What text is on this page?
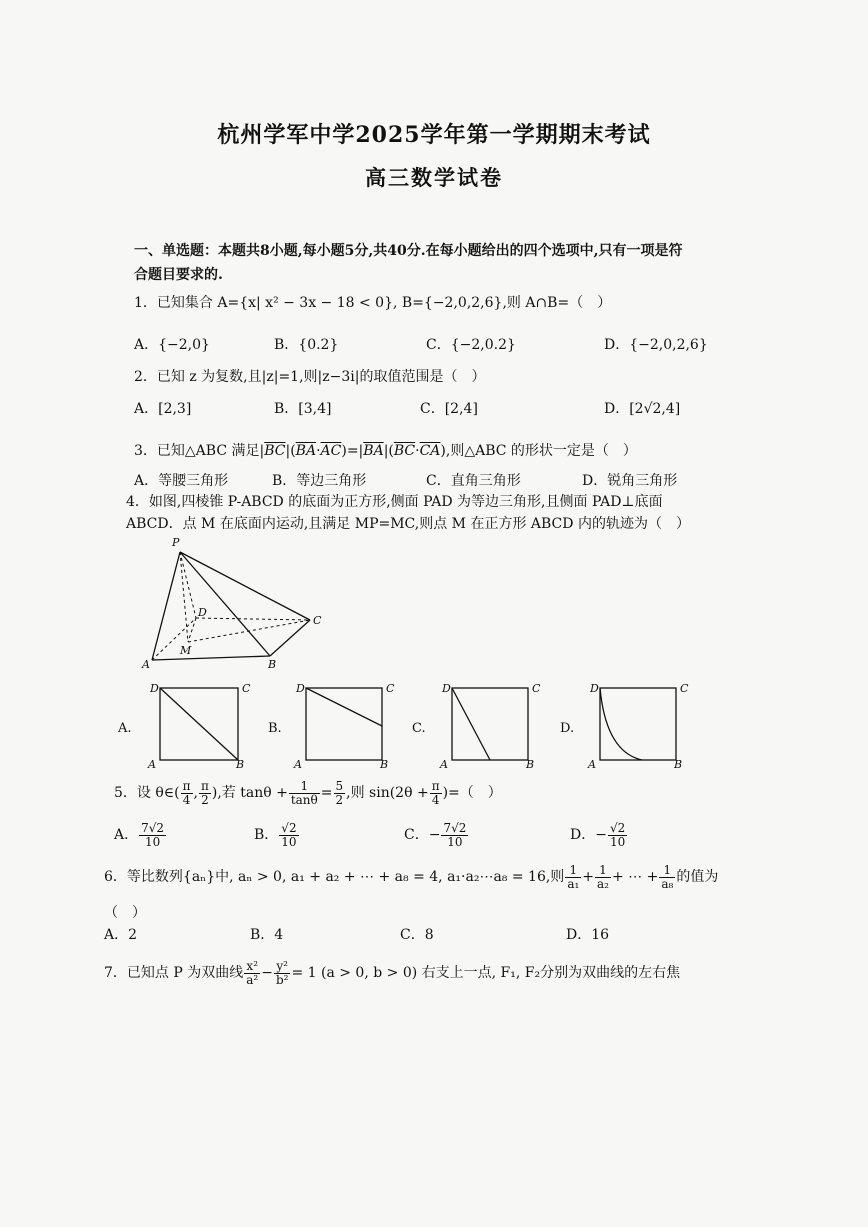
杭州学军中学2025学年第一学期期末考试
高三数学试卷
一、单选题：本题共8小题,每小题5分,共40分.在每小题给出的四个选项中,只有一项是符
合题目要求的.
1．已知集合 A={x| x² − 3x − 18 < 0}, B={−2,0,2,6},则 A∩B=（　）
A．{−2,0}	B．{0.2}	C．{−2,0.2}	D．{−2,0,2,6}
2．已知 z 为复数,且|z|=1,则|z−3i|的取值范围是（　）
A．[2,3]	B．[3,4]	C．[2,4]	D．[2√2,4]
3．已知△ABC 满足$|\overline{BC}|(\overline{BA}\cdot\overline{AC})=|\overline{BA}|(\overline{BC}\cdot\overline{CA})$,则△ABC 的形状一定是（　）
A．等腰三角形	B．等边三角形	C．直角三角形	D．锐角三角形
4．如图,四棱锥 P-ABCD 的底面为正方形,侧面 PAD 为等边三角形,且侧面 PAD⊥底面
ABCD．点 M 在底面内运动,且满足 MP=MC,则点 M 在正方形 ABCD 内的轨迹为（　）
P
D
C
M
A	B
A.
D	C
A	B
B.
D	C
A	B
C.
D	C
A	B
D.
D	C
A	B
5．设 θ∈( $\frac{\pi}{4}$ , $\frac{\pi}{2}$ ),若 $\tan\theta + \frac{1}{\tan\theta} = \frac{5}{2}$ ,则 $\sin(2\theta + \frac{\pi}{4}$ )=（　）
A． $\frac{7√2}{10}$	B． $\frac{√2}{10}$	C．− $\frac{7√2}{10}$	D．− $\frac{√2}{10}$
6．等比数列{aₙ}中, aₙ > 0, a₁ + a₂ + ⋯ + a₈ = 4, a₁·a₂⋯a₈ = 16,则 $\frac{1}{\text{a₁}} + \frac{1}{\text{a₂}}$ + ⋯ + $\frac{1}{\text{a₈}}$ 的值为
（　）
A．2	B．4	C．8	D．16
7．已知点 P 为双曲线 $\frac{\text{x²}}{\text{a²}} - \frac{\text{y²}}{\text{b²}} = 1$ (a > 0, b > 0) 右支上一点, F₁, F₂分别为双曲线的左右焦
